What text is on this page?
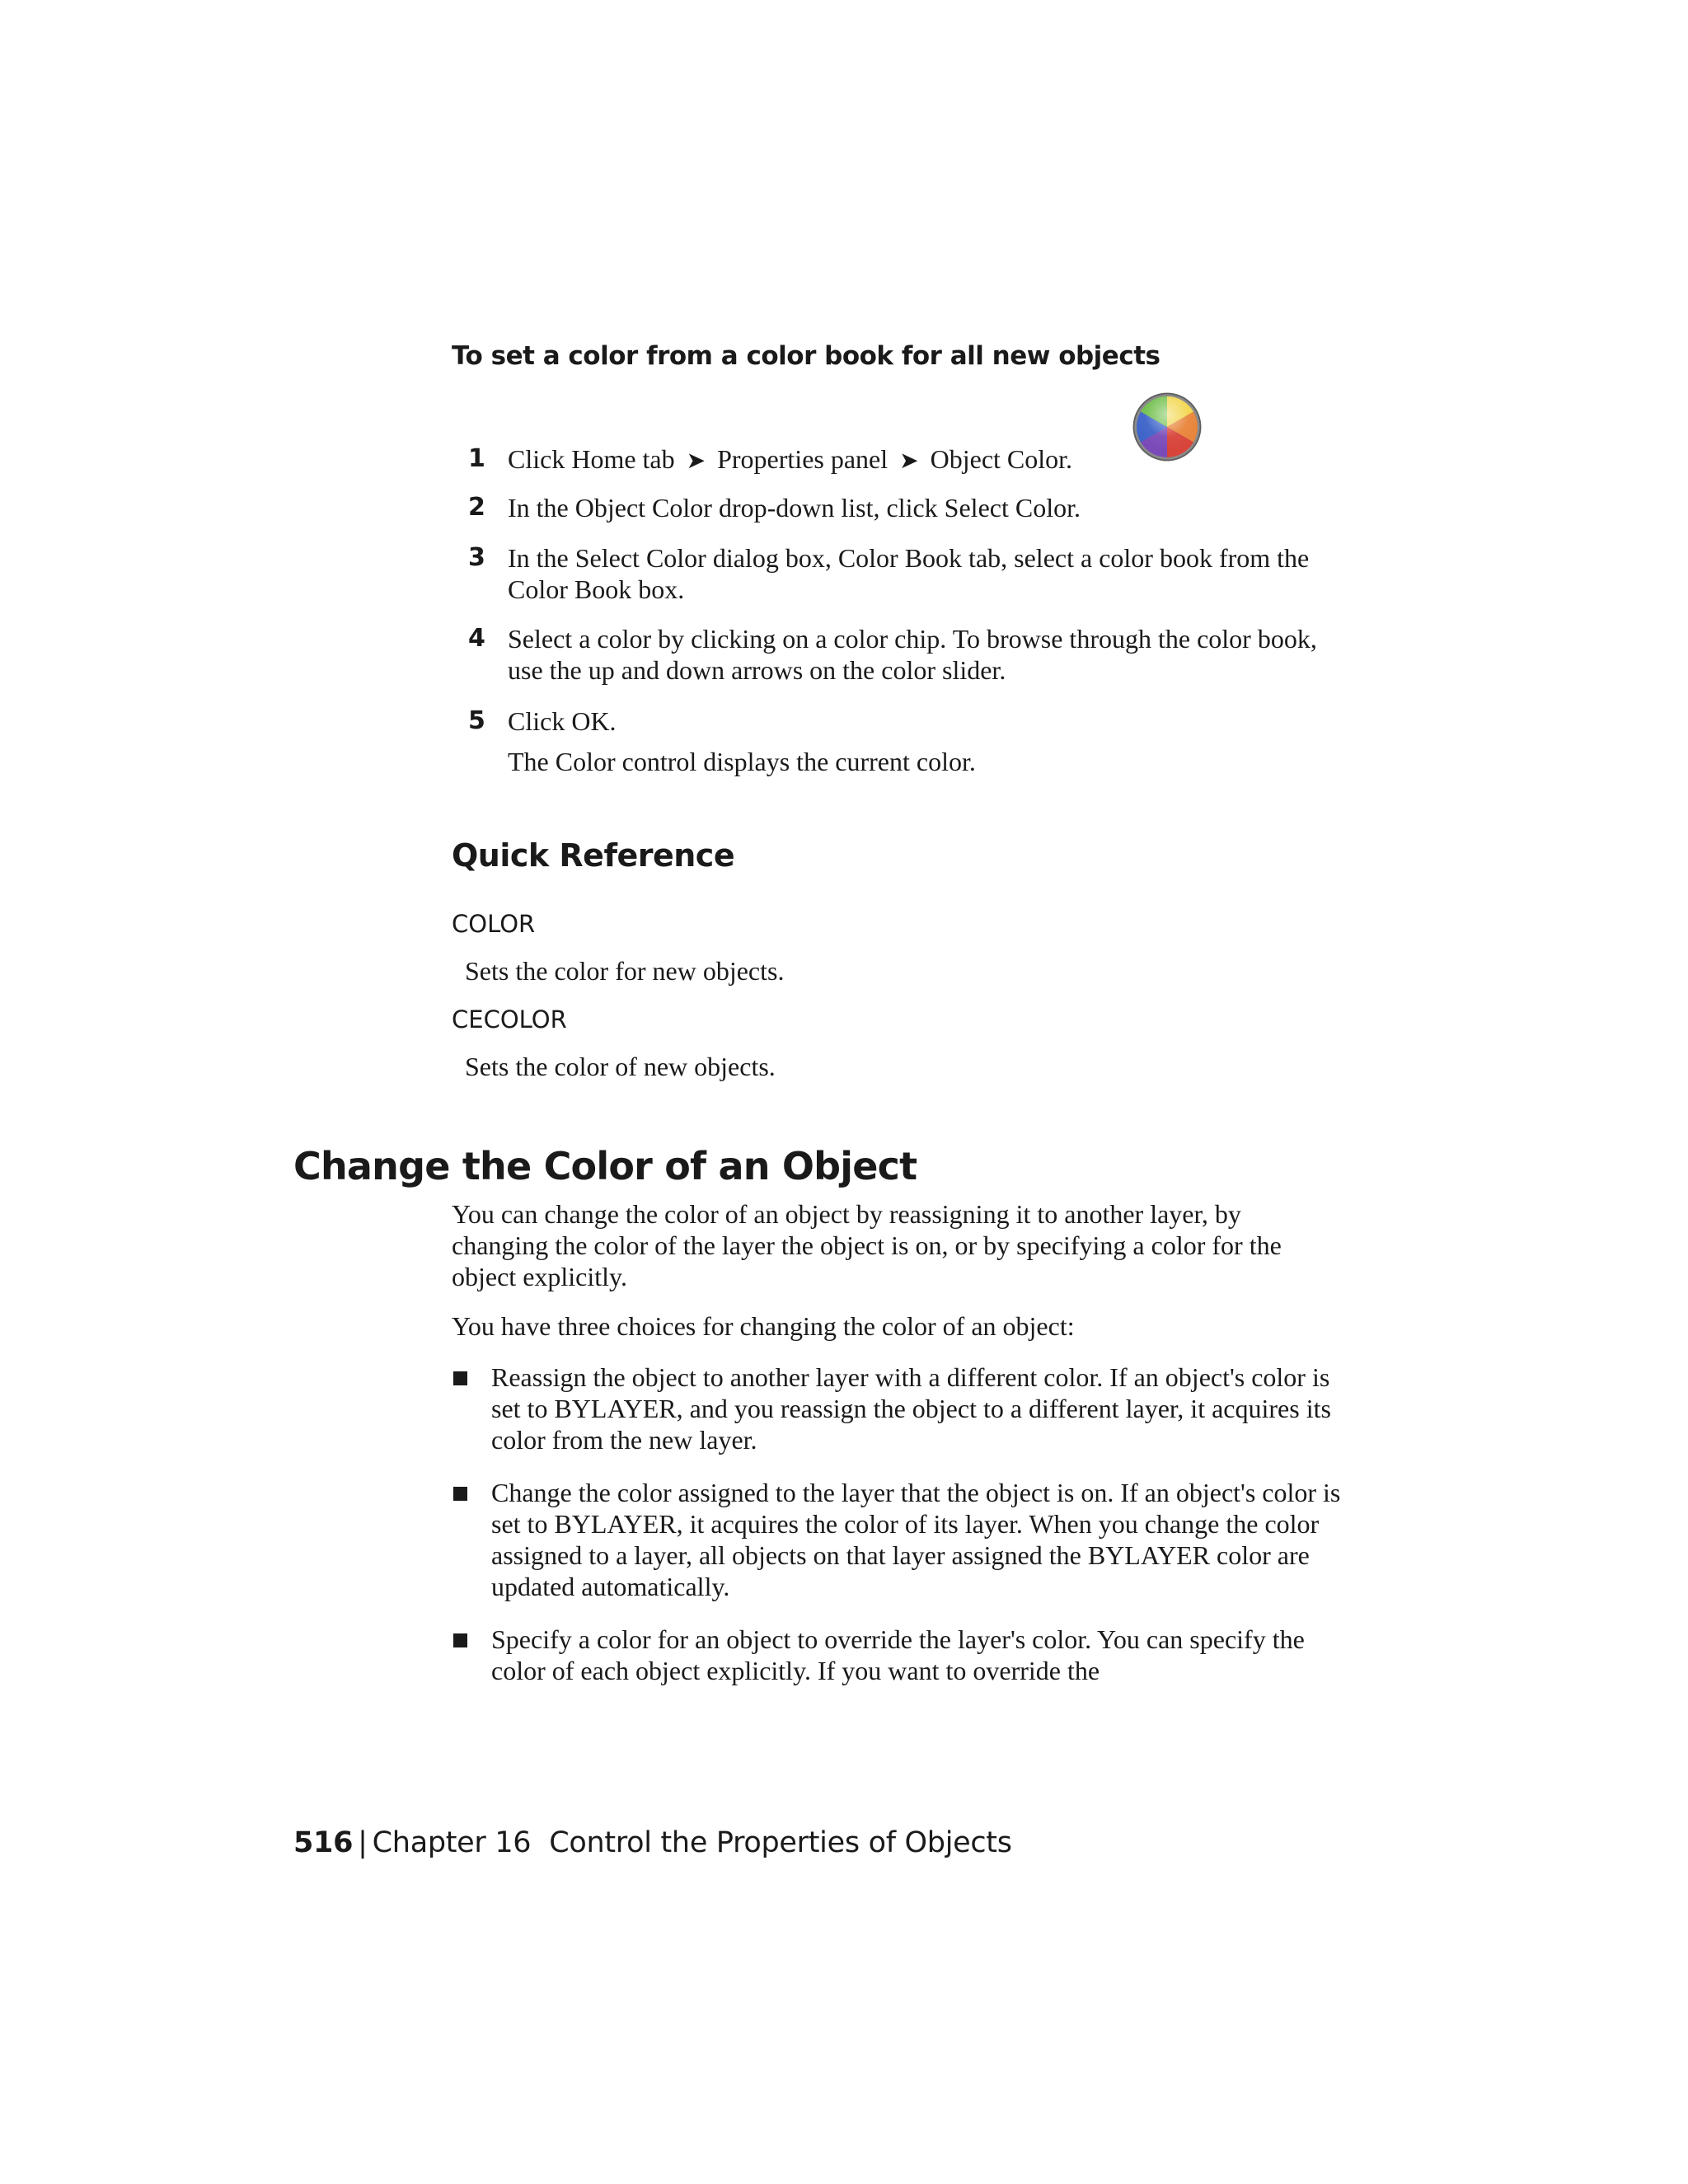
To set a color from a color book for all new objects
1 Click Home tab ➤ Properties panel ➤ Object Color.
2 In the Object Color drop-down list, click Select Color.
3 In the Select Color dialog box, Color Book tab, select a color book from the Color Book box.
4 Select a color by clicking on a color chip. To browse through the color book, use the up and down arrows on the color slider.
5 Click OK.
The Color control displays the current color.
Quick Reference
COLOR
Sets the color for new objects.
CECOLOR
Sets the color of new objects.
Change the Color of an Object
You can change the color of an object by reassigning it to another layer, by changing the color of the layer the object is on, or by specifying a color for the object explicitly.
You have three choices for changing the color of an object:
Reassign the object to another layer with a different color. If an object's color is set to BYLAYER, and you reassign the object to a different layer, it acquires its color from the new layer.
Change the color assigned to the layer that the object is on. If an object's color is set to BYLAYER, it acquires the color of its layer. When you change the color assigned to a layer, all objects on that layer assigned the BYLAYER color are updated automatically.
Specify a color for an object to override the layer's color. You can specify the color of each object explicitly. If you want to override the
516 | Chapter 16 Control the Properties of Objects
